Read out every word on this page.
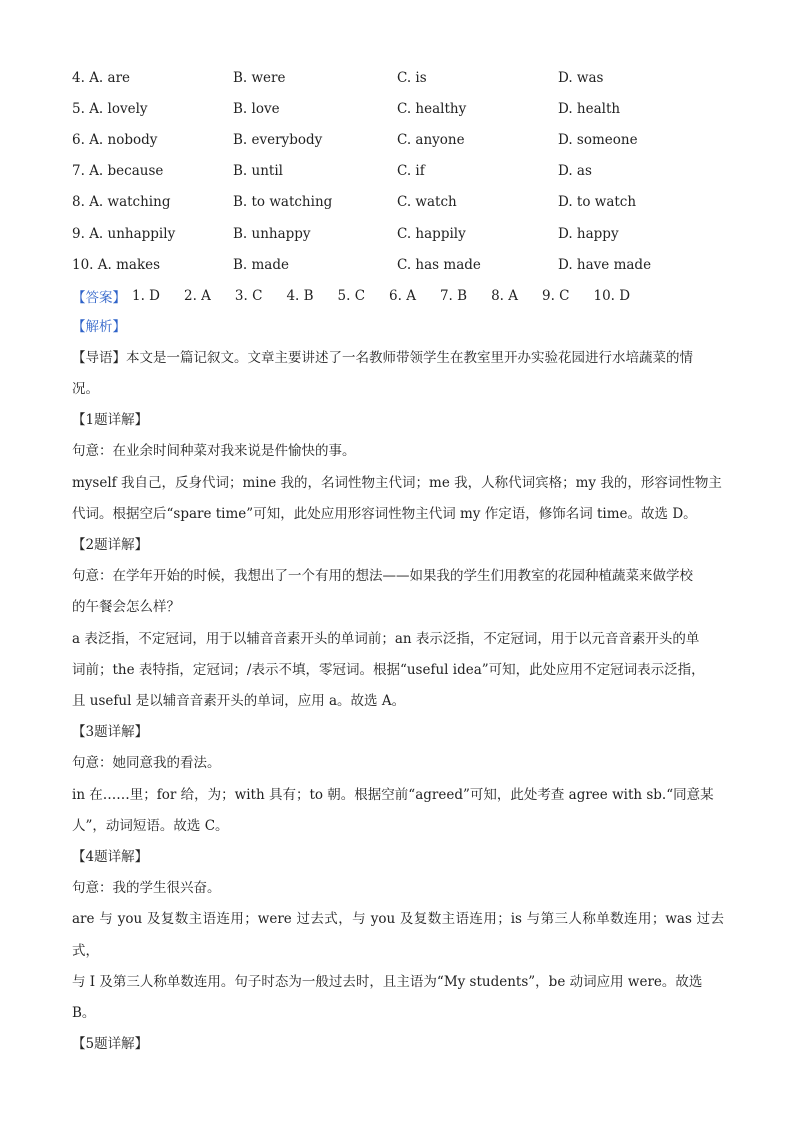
4. A. are	B. were	C. is	D. was
5. A. lovely	B. love	C. healthy	D. health
6. A. nobody	B. everybody	C. anyone	D. someone
7. A. because	B. until	C. if	D. as
8. A. watching	B. to watching	C. watch	D. to watch
9. A. unhappily	B. unhappy	C. happily	D. happy
10. A. makes	B. made	C. has made	D. have made
【答案】 1. D 2. A 3. C 4. B 5. C 6. A 7. B 8. A 9. C 10. D
【解析】

【导语】本文是一篇记叙文。文章主要讲述了一名教师带领学生在教室里开办实验花园进行水培蔬菜的情

况。

【1题详解】

句意：在业余时间种菜对我来说是件愉快的事。

myself 我自己，反身代词；mine 我的，名词性物主代词；me 我，人称代词宾格；my 我的，形容词性物主

代词。根据空后“spare time”可知，此处应用形容词性物主代词 my 作定语，修饰名词 time。故选 D。

【2题详解】

句意：在学年开始的时候，我想出了一个有用的想法——如果我的学生们用教室的花园种植蔬菜来做学校

的午餐会怎么样？

a 表泛指，不定冠词，用于以辅音音素开头的单词前；an 表示泛指，不定冠词，用于以元音音素开头的单

词前；the 表特指，定冠词；/表示不填，零冠词。根据“useful idea”可知，此处应用不定冠词表示泛指，

且 useful 是以辅音音素开头的单词，应用 a。故选 A。

【3题详解】

句意：她同意我的看法。

in 在……里；for 给，为；with 具有；to 朝。根据空前“agreed”可知，此处考查 agree with sb.“同意某

人”，动词短语。故选 C。

【4题详解】

句意：我的学生很兴奋。

are 与 you 及复数主语连用；were 过去式，与 you 及复数主语连用；is 与第三人称单数连用；was 过去式，

与 I 及第三人称单数连用。句子时态为一般过去时，且主语为“My students”，be 动词应用 were。故选

B。

【5题详解】
